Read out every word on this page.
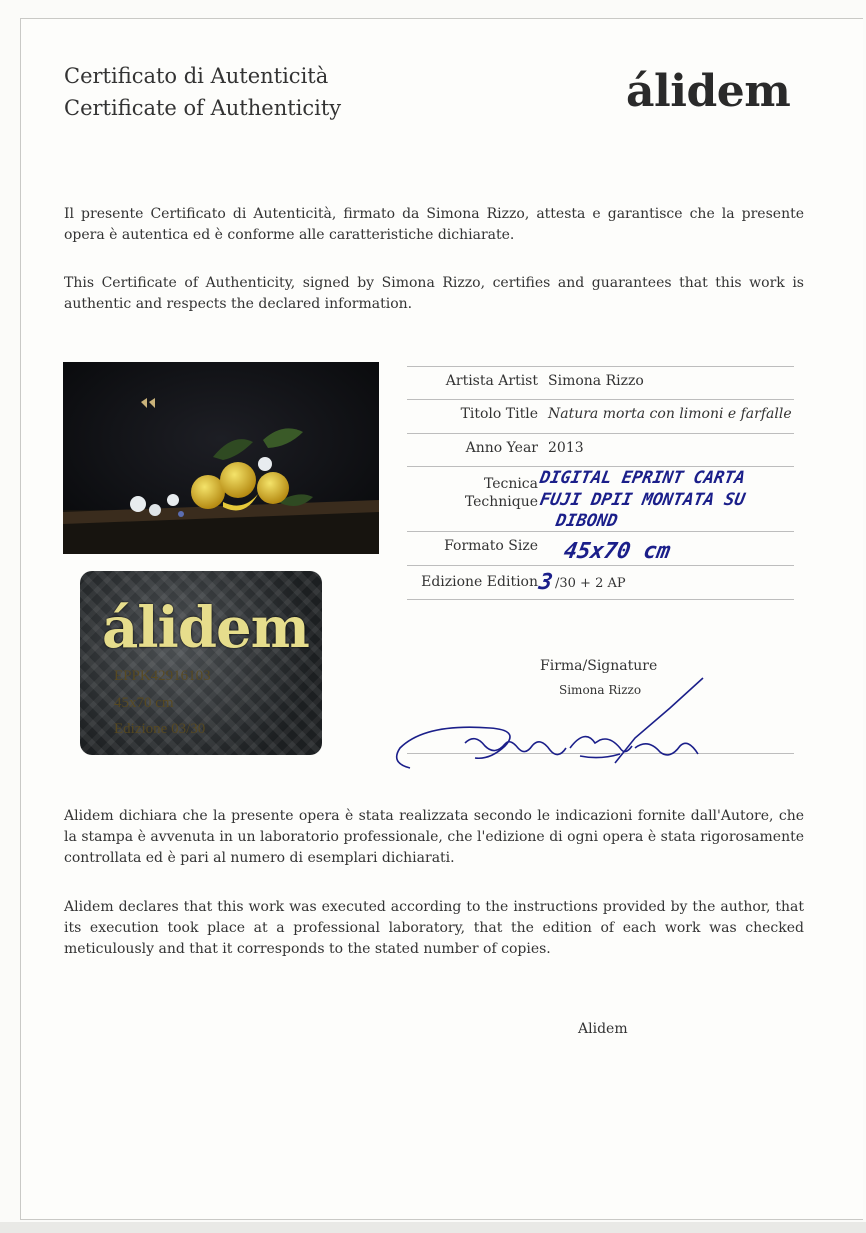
Certificato di Autenticità
Certificate of Authenticity	álidem
Il presente Certificato di Autenticità, firmato da Simona Rizzo, attesta e garantisce che la presente opera è autentica ed è conforme alle caratteristiche dichiarate.
This Certificate of Authenticity, signed by Simona Rizzo, certifies and guarantees that this work is authentic and respects the declared information.
álidem
EPPK42916103
45x70 cm
Edizione 03/30
Artista Artist Simona Rizzo
Titolo Title Natura morta con limoni e farfalle
Anno Year 2013
Tecnica
Technique
DIGITAL EPRINT CARTA
FUJI DPII MONTATA SU
DIBOND
Formato Size 45x70 cm
Edizione Edition
3 /30 + 2 AP
Firma/Signature
Simona Rizzo
Alidem dichiara che la presente opera è stata realizzata secondo le indicazioni fornite dall'Autore, che la stampa è avvenuta in un laboratorio professionale, che l'edizione di ogni opera è stata rigorosamente controllata ed è pari al numero di esemplari dichiarati.
Alidem declares that this work was executed according to the instructions provided by the author, that its execution took place at a professional laboratory, that the edition of each work was checked meticulously and that it corresponds to the stated number of copies.
Alidem
